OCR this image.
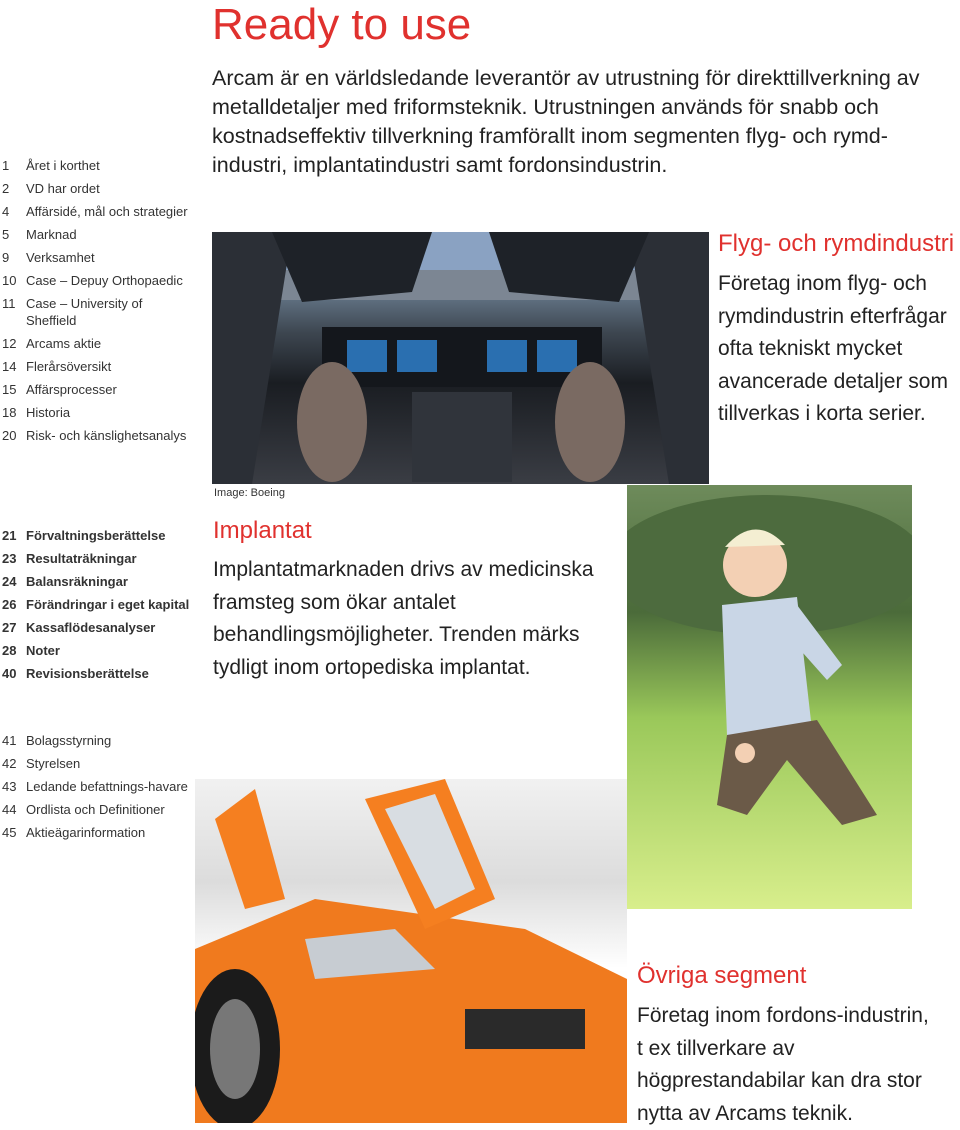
Ready to use
Arcam är en världsledande leverantör av utrustning för direkttillverkning av metalldetaljer med friformsteknik. Utrustningen används för snabb och kostnadseffektiv tillverkning framförallt inom segmenten flyg- och rymd-industri, implantatindustri samt fordonsindustrin.
1	Året i korthet
2	VD har ordet
4	Affärsidé, mål och strategier
5	Marknad
9	Verksamhet
10 Case – Depuy Orthopaedic
11 Case – University of Sheffield
12 Arcams aktie
14 Flerårsöversikt
15 Affärsprocesser
18 Historia
20 Risk- och känslighetsanalys
21 Förvaltningsberättelse
23 Resultaträkningar
24 Balansräkningar
26 Förändringar i eget kapital
27 Kassaflödesanalyser
28 Noter
40 Revisionsberättelse
41 Bolagsstyrning
42 Styrelsen
43 Ledande befattnings-havare
44 Ordlista och Definitioner
45 Aktieägarinformation
Image: Boeing
Flyg- och rymdindustri
Företag inom flyg- och rymdindustrin efterfrågar ofta tekniskt mycket avancerade detaljer som tillverkas i korta serier.
Implantat
Implantatmarknaden drivs av medicinska framsteg som ökar antalet behandlingsmöjligheter. Trenden märks tydligt inom ortopediska implantat.
Övriga segment
Företag inom fordons-industrin, t ex tillverkare av högprestandabilar kan dra stor nytta av Arcams teknik.
